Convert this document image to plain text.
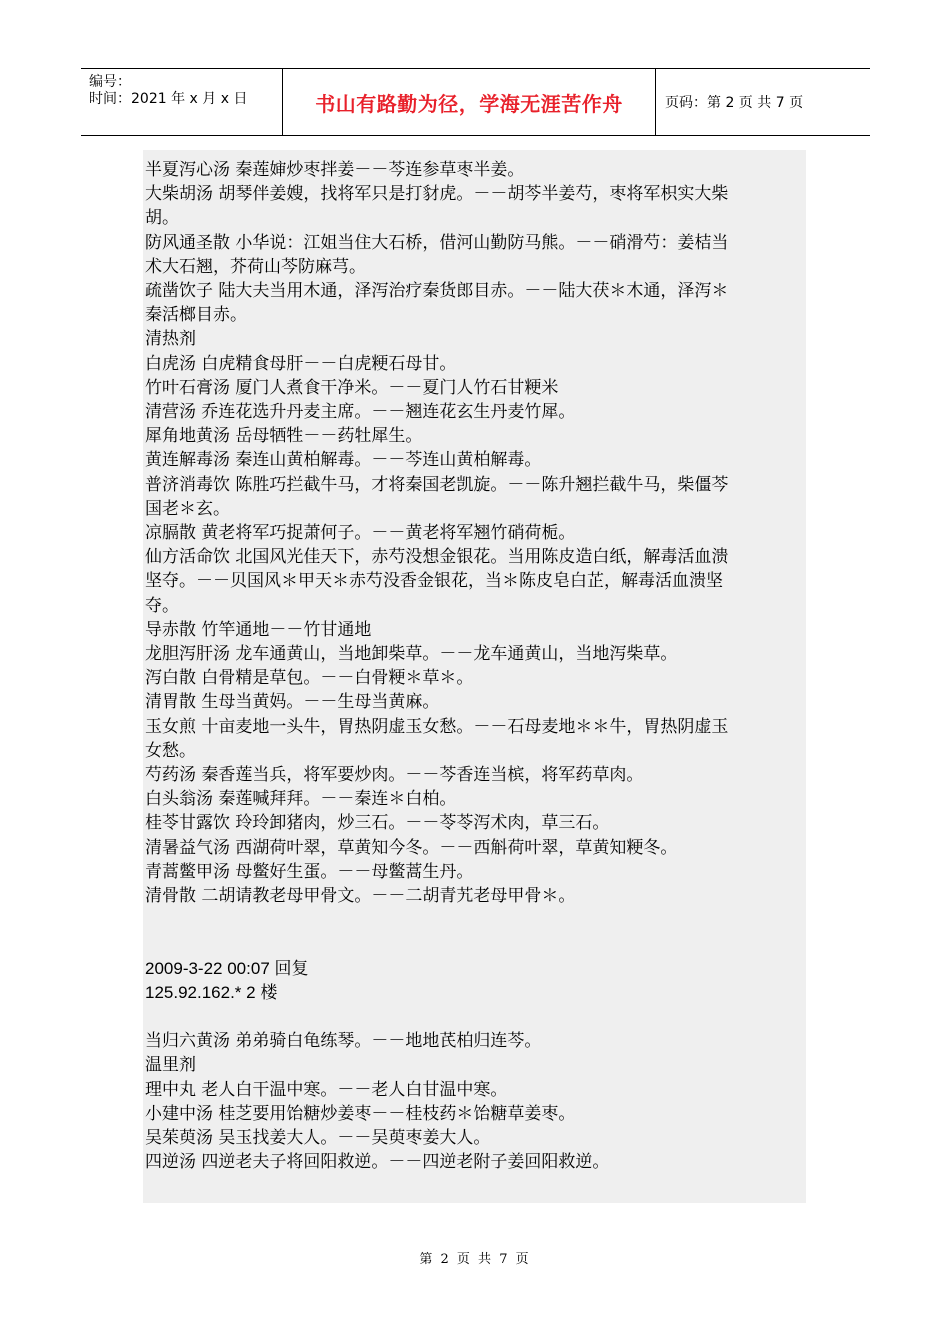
编号：
时间：2021 年 x 月 x 日	书山有路勤为径，学海无涯苦作舟	页码：第 2 页 共 7 页
半夏泻心汤 秦莲婶炒枣拌姜－－芩连参草枣半姜。
大柴胡汤 胡琴伴姜嫂，找将军只是打豺虎。－－胡芩半姜芍，枣将军枳实大柴
胡。
防风通圣散 小华说：江姐当住大石桥，借河山勤防马熊。－－硝滑芍：姜桔当
术大石翘，芥荷山芩防麻芎。
疏凿饮子 陆大夫当用木通，泽泻治疗秦货郎目赤。－－陆大茯＊木通，泽泻＊
秦活榔目赤。
清热剂
白虎汤 白虎精食母肝－－白虎粳石母甘。
竹叶石膏汤 厦门人煮食干净米。－－夏门人竹石甘粳米
清营汤 乔连花选升丹麦主席。－－翘连花玄生丹麦竹犀。
犀角地黄汤 岳母牺牲－－药牡犀生。
黄连解毒汤 秦连山黄柏解毒。－－芩连山黄柏解毒。
普济消毒饮 陈胜巧拦截牛马，才将秦国老凯旋。－－陈升翘拦截牛马，柴僵芩
国老＊玄。
凉膈散 黄老将军巧捉萧何子。－－黄老将军翘竹硝荷栀。
仙方活命饮 北国风光佳天下，赤芍没想金银花。当用陈皮造白纸，解毒活血溃
坚夺。－－贝国风＊甲天＊赤芍没香金银花，当＊陈皮皂白芷，解毒活血溃坚
夺。
导赤散 竹竿通地－－竹甘通地
龙胆泻肝汤 龙车通黄山，当地卸柴草。－－龙车通黄山，当地泻柴草。
泻白散 白骨精是草包。－－白骨粳＊草＊。
清胃散 生母当黄妈。－－生母当黄麻。
玉女煎 十亩麦地一头牛，胃热阴虚玉女愁。－－石母麦地＊＊牛，胃热阴虚玉
女愁。
芍药汤 秦香莲当兵，将军要炒肉。－－芩香连当槟，将军药草肉。
白头翁汤 秦莲喊拜拜。－－秦连＊白柏。
桂苓甘露饮 玲玲卸猪肉，炒三石。－－苓苓泻术肉，草三石。
清暑益气汤 西湖荷叶翠，草黄知今冬。－－西斛荷叶翠，草黄知粳冬。
青蒿鳖甲汤 母鳖好生蛋。－－母鳖蒿生丹。
清骨散 二胡请教老母甲骨文。－－二胡青艽老母甲骨＊。
2009-3-22 00:07 回复
125.92.162.* 2 楼
当归六黄汤 弟弟骑白龟练琴。－－地地芪柏归连芩。
温里剂
理中丸 老人白干温中寒。－－老人白甘温中寒。
小建中汤 桂芝要用饴糖炒姜枣－－桂枝药＊饴糖草姜枣。
吴茱萸汤 吴玉找姜大人。－－吴萸枣姜大人。
四逆汤 四逆老夫子将回阳救逆。－－四逆老附子姜回阳救逆。
第 2 页 共 7 页
